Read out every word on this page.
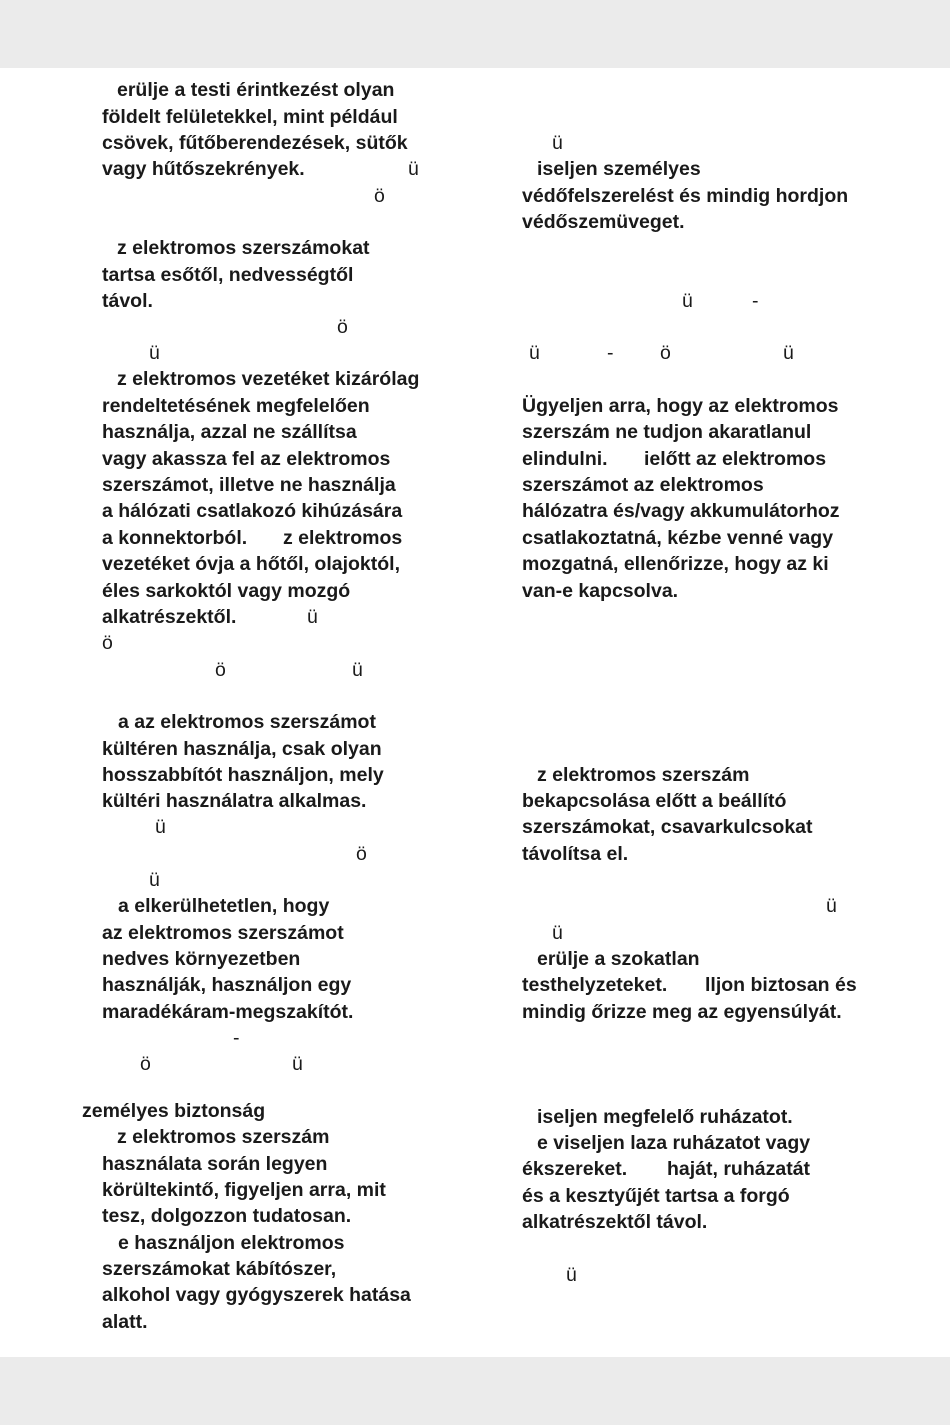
erülje a testi érintkezést olyan
földelt felületekkel, mint például
csövek, fűtőberendezések, sütők
vagy hűtőszekrények.	ü
ö
z elektromos szerszámokat
tartsa esőtől, nedvességtől
távol.
ö
ü
z elektromos vezetéket kizárólag
rendeltetésének megfelelően
használja, azzal ne szállítsa
vagy akassza fel az elektromos
szerszámot, illetve ne használja
a hálózati csatlakozó kihúzására
a konnektorból. z elektromos
vezetéket óvja a hőtől, olajoktól,
éles sarkoktól vagy mozgó
alkatrészektől.	ü
ö
ö	ü
a az elektromos szerszámot
kültéren használja, csak olyan
hosszabbítót használjon, mely
kültéri használatra alkalmas.
ü
ö
ü
a elkerülhetetlen, hogy
az elektromos szerszámot
nedves környezetben
használják, használjon egy
maradékáram-megszakítót.
-
ö	ü
zemélyes biztonság
z elektromos szerszám
használata során legyen
körültekintő, figyeljen arra, mit
tesz, dolgozzon tudatosan.
e használjon elektromos
szerszámokat kábítószer,
alkohol vagy gyógyszerek hatása
alatt.
ü
iseljen személyes
védőfelszerelést és mindig hordjon
védőszemüveget.
ü	-
ü	- ö	ü
Ügyeljen arra, hogy az elektromos
szerszám ne tudjon akaratlanul
elindulni. ielőtt az elektromos
szerszámot az elektromos
hálózatra és/vagy akkumulátorhoz
csatlakoztatná, kézbe venné vagy
mozgatná, ellenőrizze, hogy az ki
van-e kapcsolva.
z elektromos szerszám
bekapcsolása előtt a beállító
szerszámokat, csavarkulcsokat
távolítsa el.
ü
ü
erülje a szokatlan
testhelyzeteket. lljon biztosan és
mindig őrizze meg az egyensúlyát.
iseljen megfelelő ruházatot.
e viseljen laza ruházatot vagy
ékszereket. haját, ruházatát
és a kesztyűjét tartsa a forgó
alkatrészektől távol.
ü
